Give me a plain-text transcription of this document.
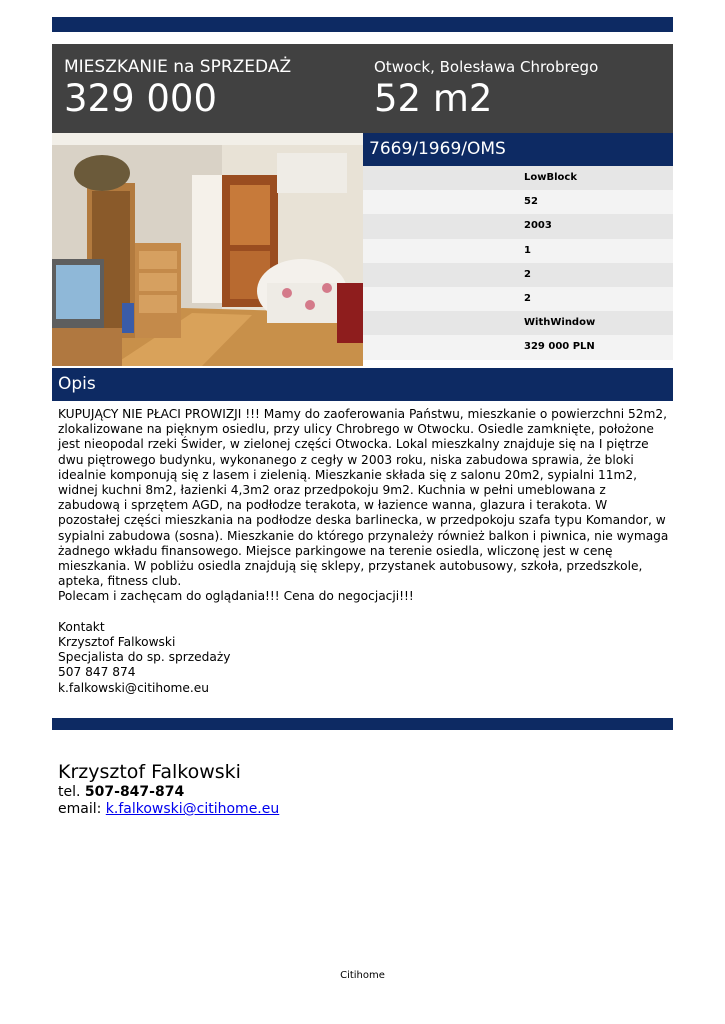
MIESZKANIE na SPRZEDAŻ
329 000
Otwock, Bolesława Chrobrego
52 m2
7669/1969/OMS
LowBlock
52
2003
1
2
2
WithWindow
329 000 PLN
Opis
KUPUJĄCY NIE PŁACI PROWIZJI !!! Mamy do zaoferowania Państwu, mieszkanie o powierzchni 52m2, zlokalizowane na pięknym osiedlu, przy ulicy Chrobrego w Otwocku. Osiedle zamknięte, położone jest nieopodal rzeki Świder, w zielonej części Otwocka. Lokal mieszkalny znajduje się na I piętrze dwu piętrowego budynku, wykonanego z cegły w 2003 roku, niska zabudowa sprawia, że bloki idealnie komponują się z lasem i zielenią. Mieszkanie składa się z salonu 20m2, sypialni 11m2, widnej kuchni 8m2, łazienki 4,3m2 oraz przedpokoju 9m2. Kuchnia w pełni umeblowana z zabudową i sprzętem AGD, na podłodze terakota, w łazience wanna, glazura i terakota. W pozostałej części mieszkania na podłodze deska barlinecka, w przedpokoju szafa typu Komandor, w sypialni zabudowa (sosna). Mieszkanie do którego przynależy również balkon i piwnica, nie wymaga żadnego wkładu finansowego. Miejsce parkingowe na terenie osiedla, wliczonę jest w cenę mieszkania. W pobliżu osiedla znajdują się sklepy, przystanek autobusowy, szkoła, przedszkole, apteka, fitness club.
Polecam i zachęcam do oglądania!!! Cena do negocjacji!!!

Kontakt
Krzysztof Falkowski
Specjalista do sp. sprzedaży
507 847 874
k.falkowski@citihome.eu
Krzysztof Falkowski
tel. 507-847-874
email: k.falkowski@citihome.eu
Citihome
